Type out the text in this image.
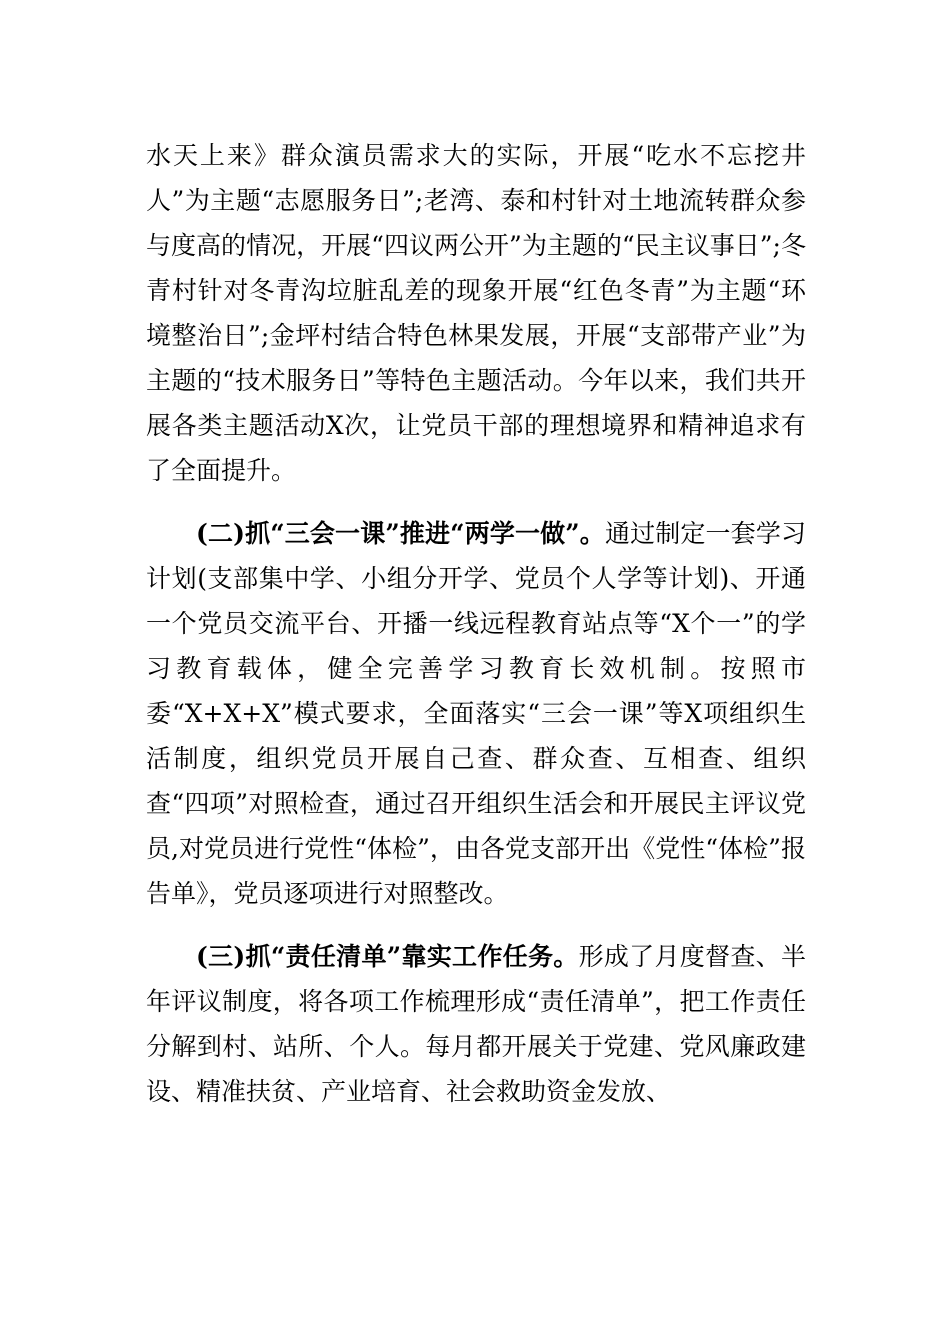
水天上来》群众演员需求大的实际，开展“吃水不忘挖井人”为主题“志愿服务日”;老湾、泰和村针对土地流转群众参与度高的情况，开展“四议两公开”为主题的“民主议事日”;冬青村针对冬青沟垃脏乱差的现象开展“红色冬青”为主题“环境整治日”;金坪村结合特色林果发展，开展“支部带产业”为主题的“技术服务日”等特色主题活动。今年以来，我们共开展各类主题活动X次，让党员干部的理想境界和精神追求有了全面提升。

(二)抓“三会一课”推进“两学一做”。通过制定一套学习计划(支部集中学、小组分开学、党员个人学等计划)、开通一个党员交流平台、开播一线远程教育站点等“X个一”的学习教育载体，健全完善学习教育长效机制。按照市委“X+X+X”模式要求，全面落实“三会一课”等X项组织生活制度，组织党员开展自己查、群众查、互相查、组织查“四项”对照检查，通过召开组织生活会和开展民主评议党员,对党员进行党性“体检”，由各党支部开出《党性“体检”报告单》，党员逐项进行对照整改。

(三)抓“责任清单”靠实工作任务。形成了月度督查、半年评议制度，将各项工作梳理形成“责任清单”，把工作责任分解到村、站所、个人。每月都开展关于党建、党风廉政建设、精准扶贫、产业培育、社会救助资金发放、
